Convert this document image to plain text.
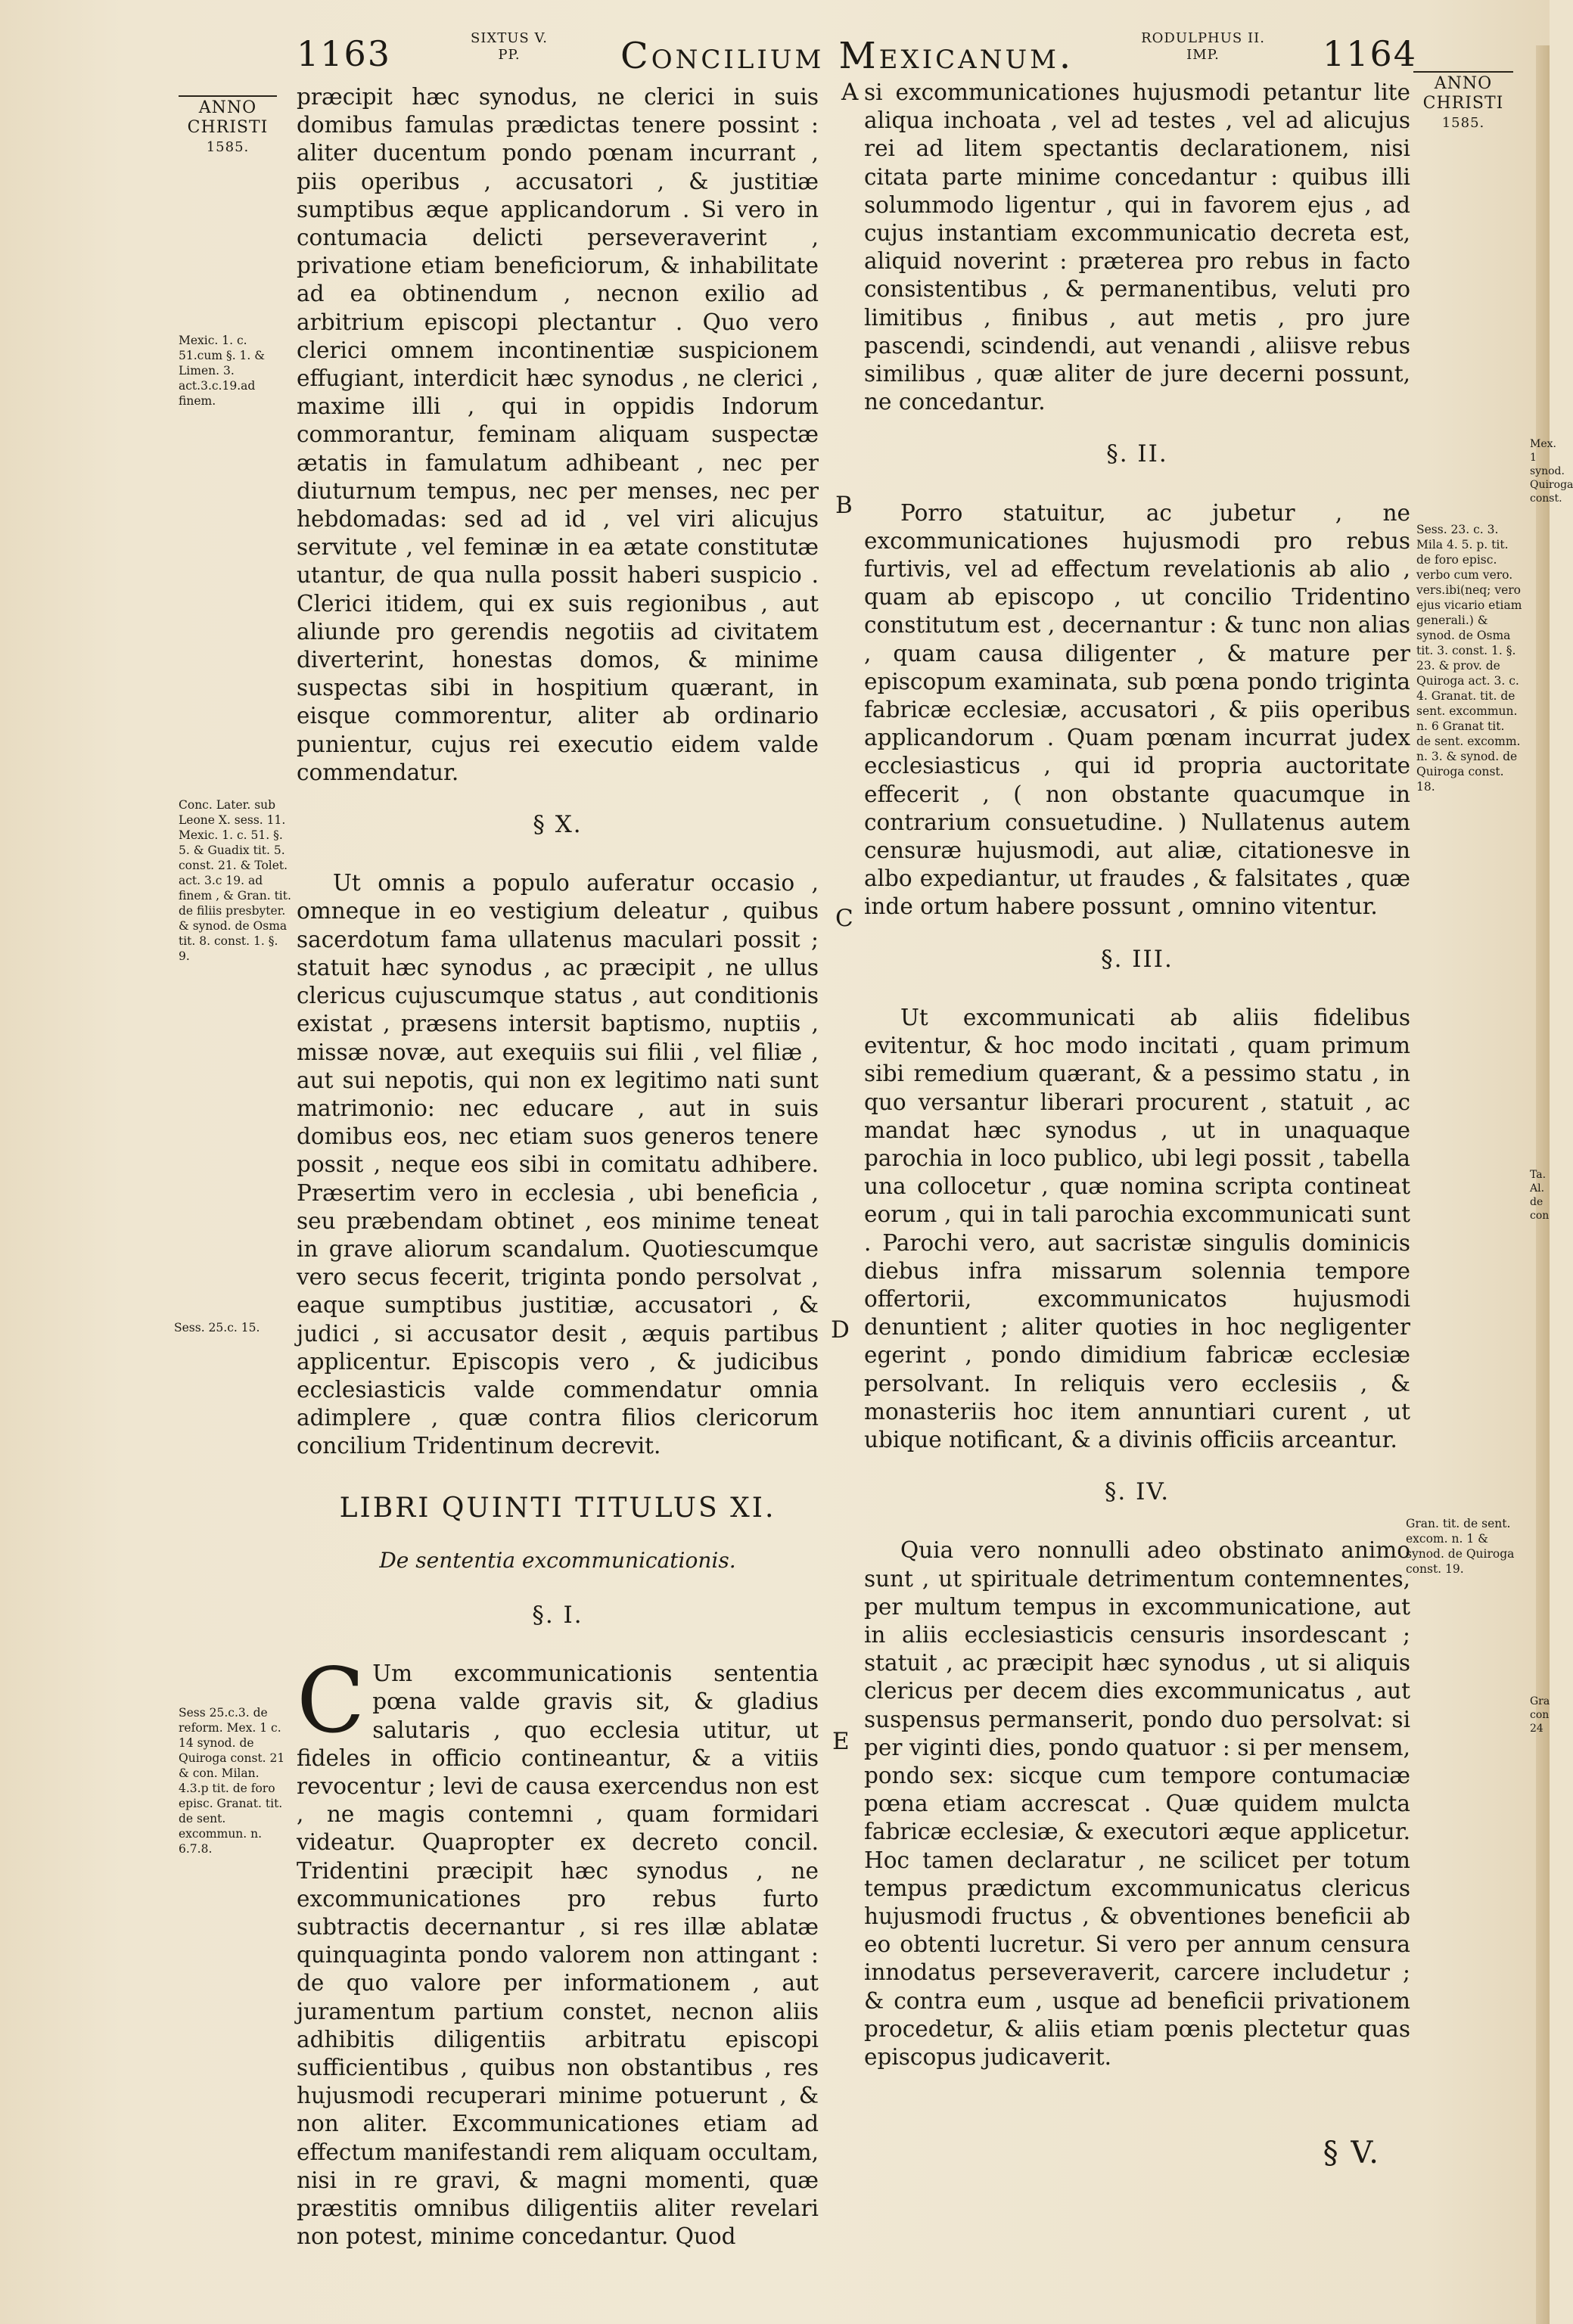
1163	SIXTUS V.
PP.	Concilium Mexicanum.	RODULPHUS II.
IMP.	1164
ANNO
CHRISTI
1585.
ANNO
CHRISTI
1585.
Mexic. 1. c. 51.cum §. 1. & Limen. 3. act.3.c.19.ad finem.
Conc. Later. sub Leone X. sess. 11. Mexic. 1. c. 51. §. 5. & Guadix tit. 5. const. 21. & Tolet. act. 3.c 19. ad finem , & Gran. tit. de filiis presbyter. & synod. de Osma tit. 8. const. 1. §. 9.
Sess. 25.c. 15.
Sess 25.c.3. de reform. Mex. 1 c. 14 synod. de Quiroga const. 21 & con. Milan. 4.3.p tit. de foro episc. Granat. tit. de sent. excommun. n. 6.7.8.

præcipit hæc synodus, ne clerici in suis domibus famulas prædictas tenere possint : aliter ducentum pondo pœnam incurrant , piis operibus , accusatori , & justitiæ sumptibus æque applicandorum . Si vero in contumacia delicti perseveraverint , privatione etiam beneficiorum, & inhabilitate ad ea obtinendum , necnon exilio ad arbitrium episcopi plectantur . Quo vero clerici omnem incontinentiæ suspicionem effugiant, interdicit hæc synodus , ne clerici , maxime illi , qui in oppidis Indorum commorantur, feminam aliquam suspectæ ætatis in famulatum adhibeant , nec per diuturnum tempus, nec per menses, nec per hebdomadas: sed ad id , vel viri alicujus servitute , vel feminæ in ea ætate constitutæ utantur, de qua nulla possit haberi suspicio . Clerici itidem, qui ex suis regionibus , aut aliunde pro gerendis negotiis ad civitatem diverterint, honestas domos, & minime suspectas sibi in hospitium quærant, in eisque commorentur, aliter ab ordinario punientur, cujus rei executio eidem valde commendatur.

§ X.

Ut omnis a populo auferatur occasio , omneque in eo vestigium deleatur , quibus sacerdotum fama ullatenus maculari possit ; statuit hæc synodus , ac præcipit , ne ullus clericus cujuscumque status , aut conditionis existat , præsens intersit baptismo, nuptiis , missæ novæ, aut exequiis sui filii , vel filiæ , aut sui nepotis, qui non ex legitimo nati sunt matrimonio: nec educare , aut in suis domibus eos, nec etiam suos generos tenere possit , neque eos sibi in comitatu adhibere. Præsertim vero in ecclesia , ubi beneficia , seu præbendam obtinet , eos minime teneat in grave aliorum scandalum. Quotiescumque vero secus fecerit, triginta pondo persolvat , eaque sumptibus justitiæ, accusatori , & judici , si accusator desit , æquis partibus applicentur. Episcopis vero , & judicibus ecclesiasticis valde commendatur omnia adimplere , quæ contra filios clericorum concilium Tridentinum decrevit.

LIBRI QUINTI TITULUS XI.

De sententia excommunicationis.

§. I.

C Um excommunicationis sententia pœna valde gravis sit, & gladius salutaris , quo ecclesia utitur, ut fideles in officio contineantur, & a vitiis revocentur ; levi de causa exercendus non est , ne magis contemni , quam formidari videatur. Quapropter ex decreto concil. Tridentini præcipit hæc synodus , ne excommunicationes pro rebus furto subtractis decernantur , si res illæ ablatæ quinquaginta pondo valorem non attingant : de quo valore per informationem , aut juramentum partium constet, necnon aliis adhibitis diligentiis arbitratu episcopi sufficientibus , quibus non obstantibus , res hujusmodi recuperari minime potuerunt , & non aliter. Excommunicationes etiam ad effectum manifestandi rem aliquam occultam, nisi in re gravi, & magni momenti, quæ præstitis omnibus diligentiis aliter revelari non potest, minime concedantur. Quod

A
B
C
D
E

si excommunicationes hujusmodi petantur lite aliqua inchoata , vel ad testes , vel ad alicujus rei ad litem spectantis declarationem, nisi citata parte minime concedantur : quibus illi solummodo ligentur , qui in favorem ejus , ad cujus instantiam excommunicatio decreta est, aliquid noverint : præterea pro rebus in facto consistentibus , & permanentibus, veluti pro limitibus , finibus , aut metis , pro jure pascendi, scindendi, aut venandi , aliisve rebus similibus , quæ aliter de jure decerni possunt, ne concedantur.

§. II.

Porro statuitur, ac jubetur , ne excommunicationes hujusmodi pro rebus furtivis, vel ad effectum revelationis ab alio , quam ab episcopo , ut concilio Tridentino constitutum est , decernantur : & tunc non alias , quam causa diligenter , & mature per episcopum examinata, sub pœna pondo triginta fabricæ ecclesiæ, accusatori , & piis operibus applicandorum . Quam pœnam incurrat judex ecclesiasticus , qui id propria auctoritate effecerit , ( non obstante quacumque in contrarium consuetudine. ) Nullatenus autem censuræ hujusmodi, aut aliæ, citationesve in albo expediantur, ut fraudes , & falsitates , quæ inde ortum habere possunt , omnino vitentur.

§. III.

Ut excommunicati ab aliis fidelibus evitentur, & hoc modo incitati , quam primum sibi remedium quærant, & a pessimo statu , in quo versantur liberari procurent , statuit , ac mandat hæc synodus , ut in unaquaque parochia in loco publico, ubi legi possit , tabella una collocetur , quæ nomina scripta contineat eorum , qui in tali parochia excommunicati sunt . Parochi vero, aut sacristæ singulis dominicis diebus infra missarum solennia tempore offertorii, excommunicatos hujusmodi denuntient ; aliter quoties in hoc negligenter egerint , pondo dimidium fabricæ ecclesiæ persolvant. In reliquis vero ecclesiis , & monasteriis hoc item annuntiari curent , ut ubique notificant, & a divinis officiis arceantur.

§. IV.

Quia vero nonnulli adeo obstinato animo sunt , ut spirituale detrimentum contemnentes, per multum tempus in excommunicatione, aut in aliis ecclesiasticis censuris insordescant ; statuit , ac præcipit hæc synodus , ut si aliquis clericus per decem dies excommunicatus , aut suspensus permanserit, pondo duo persolvat: si per viginti dies, pondo quatuor : si per mensem, pondo sex: sicque cum tempore contumaciæ pœna etiam accrescat . Quæ quidem mulcta fabricæ ecclesiæ, & executori æque applicetur. Hoc tamen declaratur , ne scilicet per totum tempus prædictum excommunicatus clericus hujusmodi fructus , & obventiones beneficii ab eo obtenti lucretur. Si vero per annum censura innodatus perseveraverit, carcere includetur ; & contra eum , usque ad beneficii privationem procedetur, & aliis etiam pœnis plectetur quas episcopus judicaverit.

§ V.

Sess. 23. c. 3. Mila 4. 5. p. tit. de foro episc. verbo cum vero. vers.ibi(neq; vero ejus vicario etiam generali.) & synod. de Osma tit. 3. const. 1. §. 23. & prov. de Quiroga act. 3. c. 4. Granat. tit. de sent. excommun. n. 6 Granat tit. de sent. excomm. n. 3. & synod. de Quiroga const. 18.
Gran. tit. de sent. excom. n. 1 & synod. de Quiroga const. 19.
Mex. 1 synod. Quiroga const.
Ta. Al. de con
Gra con 24
